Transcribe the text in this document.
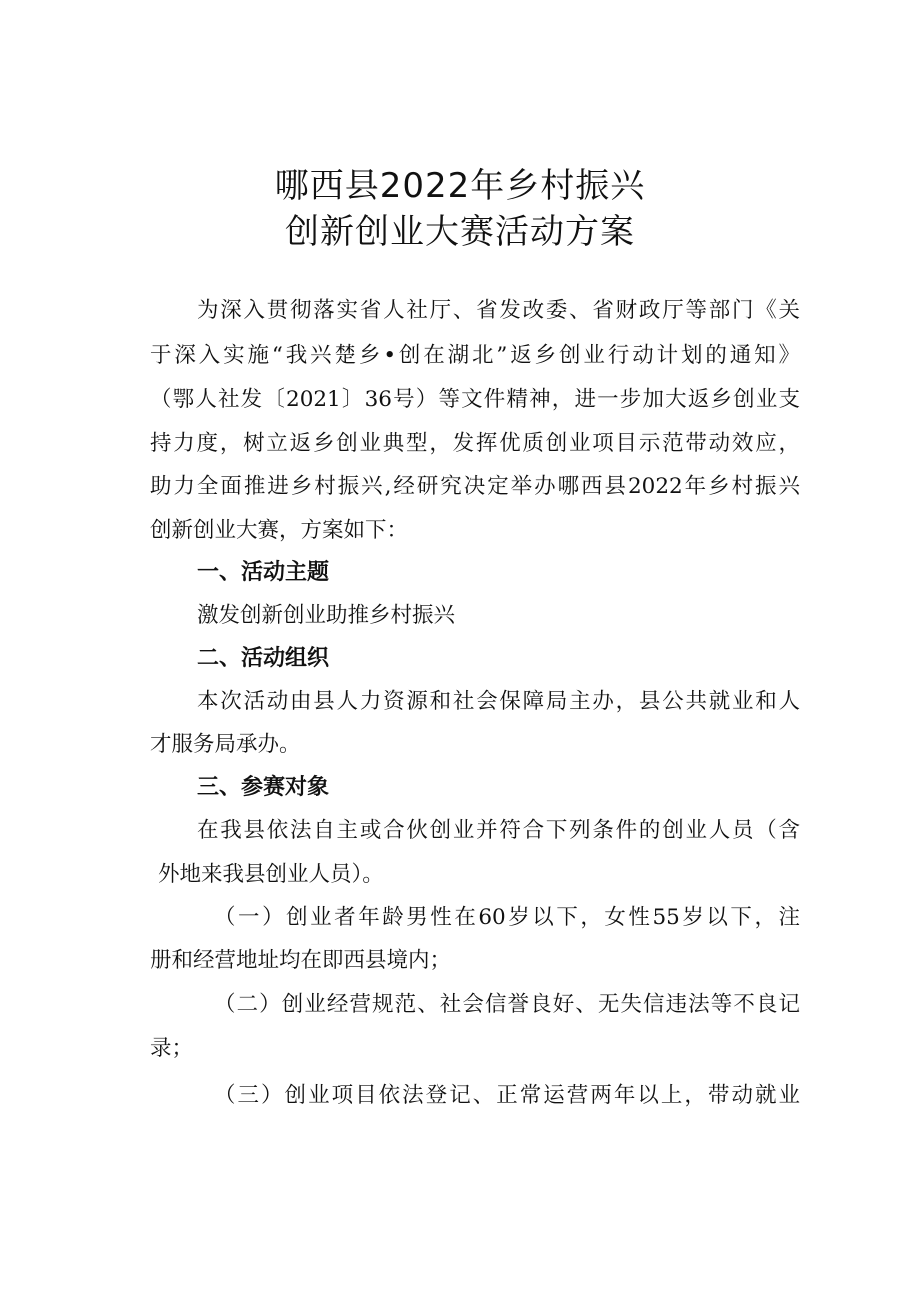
哪西县2022年乡村振兴
创新创业大赛活动方案

为深入贯彻落实省人社厅、省发改委、省财政厅等部门《关

于深入实施“我兴楚乡•创在湖北”返乡创业行动计划的通知》

（鄂人社发〔2021〕36号）等文件精神，进一步加大返乡创业支

持力度，树立返乡创业典型，发挥优质创业项目示范带动效应，

助力全面推进乡村振兴,经研究决定举办哪西县2022年乡村振兴

创新创业大赛，方案如下：

一、活动主题

激发创新创业助推乡村振兴

二、活动组织

本次活动由县人力资源和社会保障局主办，县公共就业和人

才服务局承办。

三、参赛对象

在我县依法自主或合伙创业并符合下列条件的创业人员（含

外地来我县创业人员）。

（一）创业者年龄男性在60岁以下，女性55岁以下，注

册和经营地址均在即西县境内；

（二）创业经营规范、社会信誉良好、无失信违法等不良记

录；

（三）创业项目依法登记、正常运营两年以上，带动就业
